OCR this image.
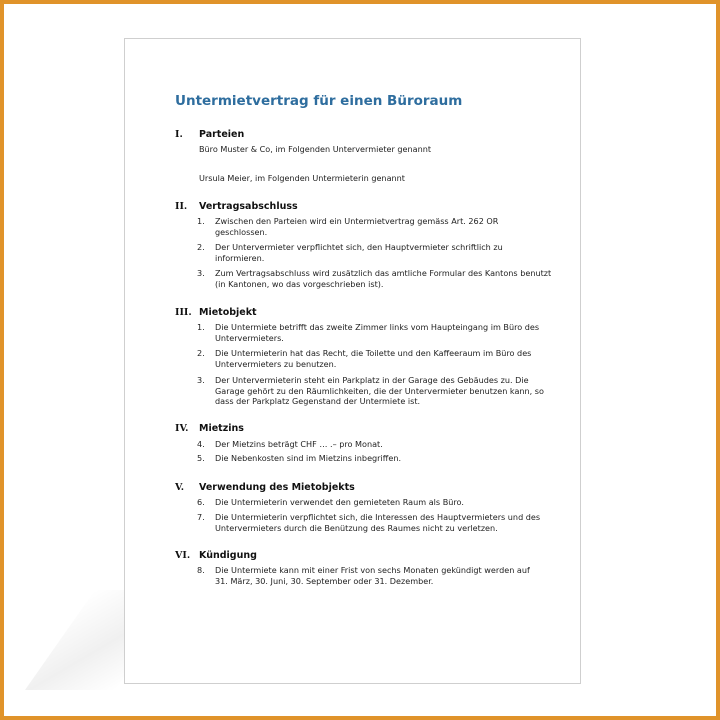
Untermietvertrag für einen Büroraum
I. Parteien
Büro Muster & Co, im Folgenden Untervermieter genannt
Ursula Meier, im Folgenden Untermieterin genannt
II. Vertragsabschluss
1.	Zwischen den Parteien wird ein Untermietvertrag gemäss Art. 262 OR
geschlossen.
2.	Der Untervermieter verpflichtet sich, den Hauptvermieter schriftlich zu
informieren.
3.	Zum Vertragsabschluss wird zusätzlich das amtliche Formular des Kantons benutzt
(in Kantonen, wo das vorgeschrieben ist).
III. Mietobjekt
1.	Die Untermiete betrifft das zweite Zimmer links vom Haupteingang im Büro des
Untervermieters.
2.	Die Untermieterin hat das Recht, die Toilette und den Kaffeeraum im Büro des
Untervermieters zu benutzen.
3.	Der Untervermieterin steht ein Parkplatz in der Garage des Gebäudes zu. Die
Garage gehört zu den Räumlichkeiten, die der Untervermieter benutzen kann, so
dass der Parkplatz Gegenstand der Untermiete ist.
IV. Mietzins
4.	Der Mietzins beträgt CHF … .– pro Monat.
5.	Die Nebenkosten sind im Mietzins inbegriffen.
V. Verwendung des Mietobjekts
6.	Die Untermieterin verwendet den gemieteten Raum als Büro.
7.	Die Untermieterin verpflichtet sich, die Interessen des Hauptvermieters und des
Untervermieters durch die Benützung des Raumes nicht zu verletzen.
VI. Kündigung
8.	Die Untermiete kann mit einer Frist von sechs Monaten gekündigt werden auf
31. März, 30. Juni, 30. September oder 31. Dezember.
